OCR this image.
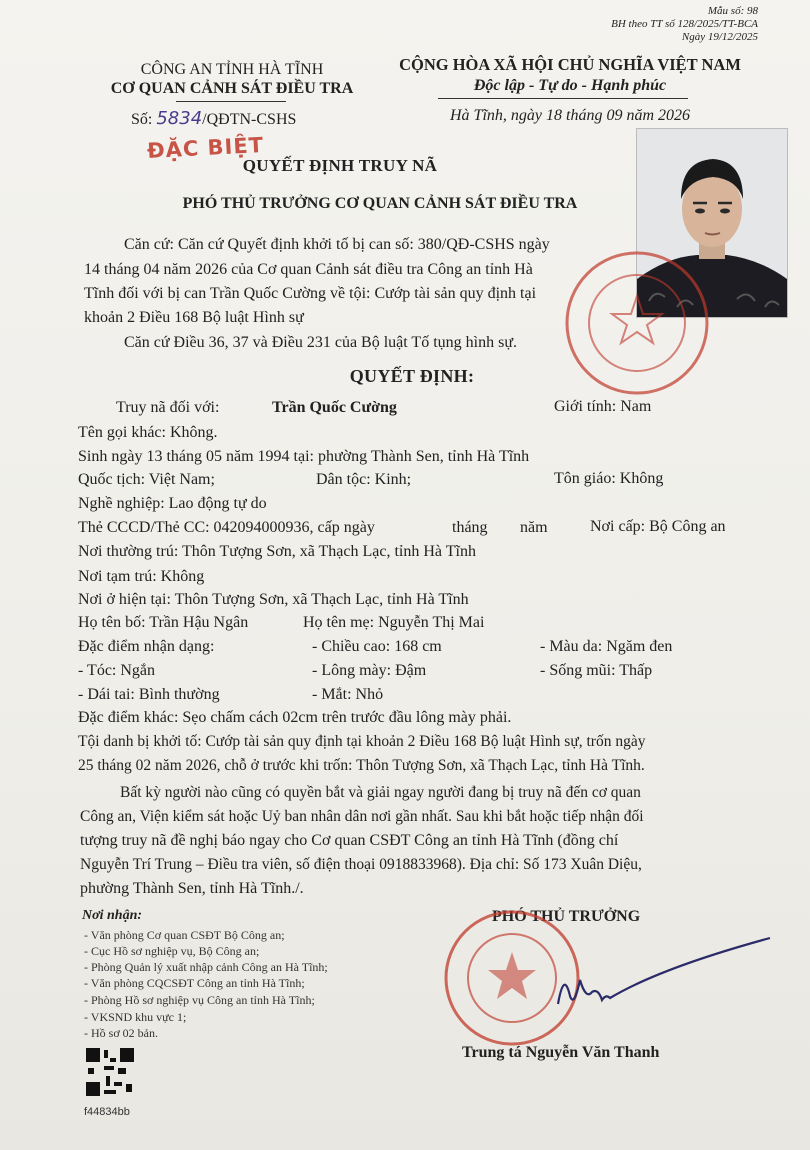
Mẫu số: 98
BH theo TT số 128/2025/TT-BCA
Ngày 19/12/2025
CÔNG AN TỈNH HÀ TĨNH
CƠ QUAN CẢNH SÁT ĐIỀU TRA
Số: 5834/QĐTN-CSHS
ĐẶC BIỆT
CỘNG HÒA XÃ HỘI CHỦ NGHĨA VIỆT NAM
Độc lập - Tự do - Hạnh phúc
Hà Tĩnh, ngày 18 tháng 09 năm 2026
QUYẾT ĐỊNH TRUY NÃ
PHÓ THỦ TRƯỞNG CƠ QUAN CẢNH SÁT ĐIỀU TRA
Căn cứ: Căn cứ Quyết định khởi tố bị can số: 380/QĐ-CSHS ngày
14 tháng 04 năm 2026 của Cơ quan Cảnh sát điều tra Công an tỉnh Hà
Tĩnh đối với bị can Trần Quốc Cường về tội: Cướp tài sản quy định tại
khoản 2 Điều 168 Bộ luật Hình sự
Căn cứ Điều 36, 37 và Điều 231 của Bộ luật Tố tụng hình sự.
QUYẾT ĐỊNH:
Truy nã đối với:	Trần Quốc Cường	Giới tính: Nam
Tên gọi khác: Không.
Sinh ngày 13 tháng 05 năm 1994 tại: phường Thành Sen, tỉnh Hà Tĩnh
Quốc tịch: Việt Nam;	Dân tộc: Kinh;	Tôn giáo: Không
Nghề nghiệp: Lao động tự do
Thẻ CCCD/Thẻ CC: 042094000936, cấp ngày	tháng năm	Nơi cấp: Bộ Công an
Nơi thường trú: Thôn Tượng Sơn, xã Thạch Lạc, tỉnh Hà Tĩnh
Nơi tạm trú: Không
Nơi ở hiện tại: Thôn Tượng Sơn, xã Thạch Lạc, tỉnh Hà Tĩnh
Họ tên bố: Trần Hậu Ngân	Họ tên mẹ: Nguyễn Thị Mai
Đặc điểm nhận dạng:	- Chiều cao: 168 cm	- Màu da: Ngăm đen
- Tóc: Ngắn	- Lông mày: Đậm	- Sống mũi: Thấp
- Dái tai: Bình thường	- Mắt: Nhỏ
Đặc điểm khác: Sẹo chấm cách 02cm trên trước đầu lông mày phải.
Tội danh bị khởi tố: Cướp tài sản quy định tại khoản 2 Điều 168 Bộ luật Hình sự, trốn ngày
25 tháng 02 năm 2026, chỗ ở trước khi trốn: Thôn Tượng Sơn, xã Thạch Lạc, tỉnh Hà Tĩnh.
Bất kỳ người nào cũng có quyền bắt và giải ngay người đang bị truy nã đến cơ quan
Công an, Viện kiểm sát hoặc Uỷ ban nhân dân nơi gần nhất. Sau khi bắt hoặc tiếp nhận đối
tượng truy nã đề nghị báo ngay cho Cơ quan CSĐT Công an tỉnh Hà Tĩnh (đồng chí
Nguyễn Trí Trung – Điều tra viên, số điện thoại 0918833968). Địa chỉ: Số 173 Xuân Diệu,
phường Thành Sen, tỉnh Hà Tĩnh./.
Nơi nhận:
- Văn phòng Cơ quan CSĐT Bộ Công an;
- Cục Hồ sơ nghiệp vụ, Bộ Công an;
- Phòng Quản lý xuất nhập cảnh Công an Hà Tĩnh;
- Văn phòng CQCSĐT Công an tỉnh Hà Tĩnh;
- Phòng Hồ sơ nghiệp vụ Công an tỉnh Hà Tĩnh;
- VKSND khu vực 1;
- Hồ sơ 02 bản.
f44834bb
PHÓ THỦ TRƯỞNG
Trung tá Nguyễn Văn Thanh
